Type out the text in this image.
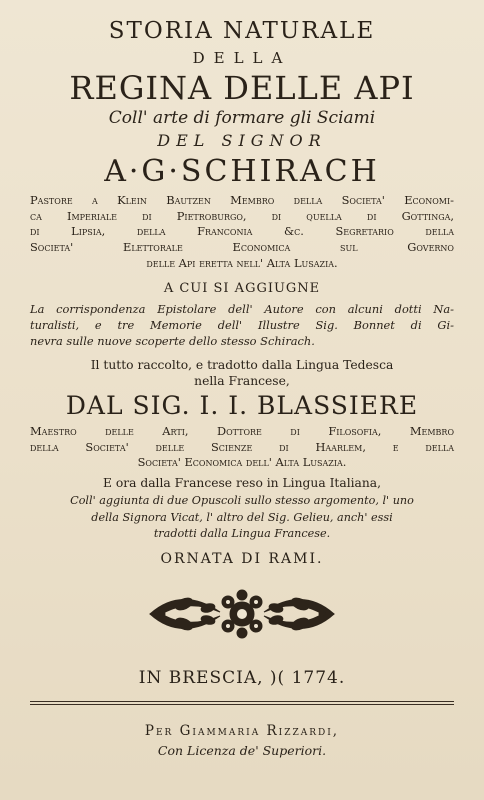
STORIA NATURALE
DELLA
REGINA DELLE API
Coll' arte di formare gli Sciami
DEL SIGNOR
A·G·SCHIRACH
Pastore a Klein Bautzen Membro della Societa' Economi-
ca Imperiale di Pietroburgo, di quella di Gottinga,
di Lipsia, della Franconia &c. Segretario della
Societa' Elettorale Economica sul Governo
delle Api eretta nell' Alta Lusazia.
A CUI SI AGGIUGNE
La corrispondenza Epistolare dell' Autore con alcuni dotti Na-
turalisti, e tre Memorie dell' Illustre Sig. Bonnet di Gi-
nevra sulle nuove scoperte dello stesso Schirach.
Il tutto raccolto, e tradotto dalla Lingua Tedesca
nella Francese,
DAL SIG. I. I. BLASSIERE
Maestro delle Arti, Dottore di Filosofia, Membro
della Societa' delle Scienze di Haarlem, e della
Societa' Economica dell' Alta Lusazia.
E ora dalla Francese reso in Lingua Italiana,
Coll' aggiunta di due Opuscoli sullo stesso argomento, l' uno
della Signora Vicat, l' altro del Sig. Gelieu, anch' essi
tradotti dalla Lingua Francese.
ORNATA DI RAMI.
IN BRESCIA, )( 1774.
Per Giammaria Rizzardi,
Con Licenza de' Superiori.
